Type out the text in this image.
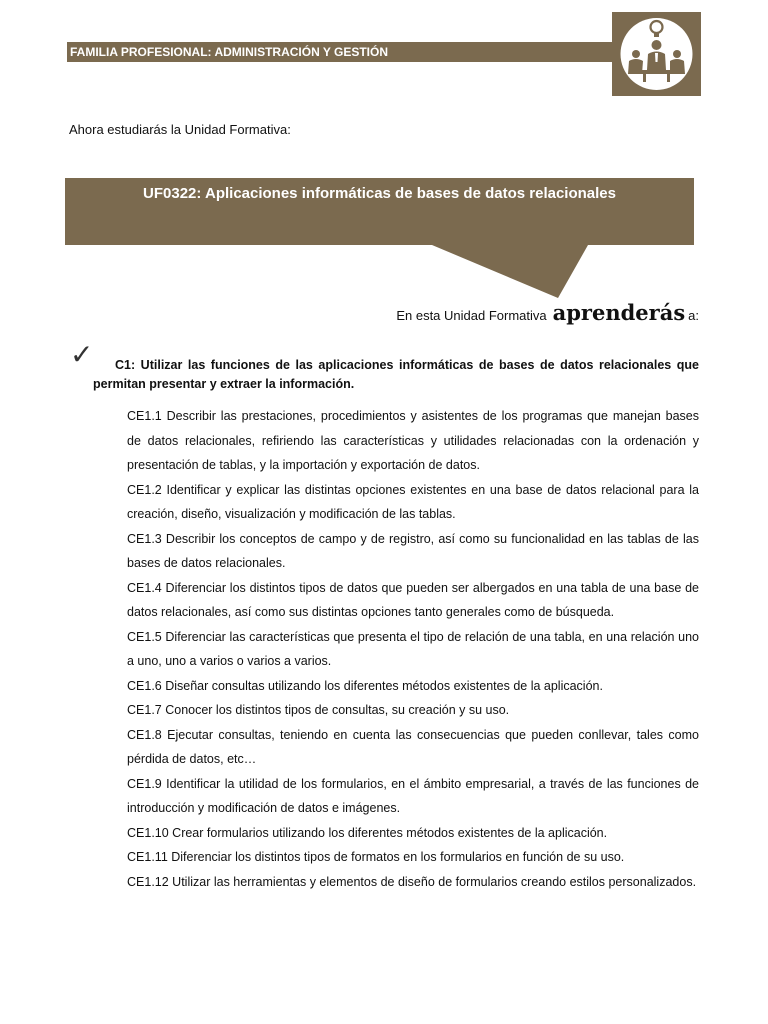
FAMILIA PROFESIONAL: ADMINISTRACIÓN Y GESTIÓN
Ahora estudiarás la Unidad Formativa:
UF0322: Aplicaciones informáticas de bases de datos relacionales
En esta Unidad Formativa aprenderás a:
✓	C1: Utilizar las funciones de las aplicaciones informáticas de bases de datos relacionales que permitan presentar y extraer la información.
CE1.1 Describir las prestaciones, procedimientos y asistentes de los programas que manejan bases de datos relacionales, refiriendo las características y utilidades relacionadas con la ordenación y presentación de tablas, y la importación y exportación de datos.
CE1.2 Identificar y explicar las distintas opciones existentes en una base de datos relacional para la creación, diseño, visualización y modificación de las tablas.
CE1.3 Describir los conceptos de campo y de registro, así como su funcionalidad en las tablas de las bases de datos relacionales.
CE1.4 Diferenciar los distintos tipos de datos que pueden ser albergados en una tabla de una base de datos relacionales, así como sus distintas opciones tanto generales como de búsqueda.
CE1.5 Diferenciar las características que presenta el tipo de relación de una tabla, en una relación uno a uno, uno a varios o varios a varios.
CE1.6 Diseñar consultas utilizando los diferentes métodos existentes de la aplicación.
CE1.7 Conocer los distintos tipos de consultas, su creación y su uso.
CE1.8 Ejecutar consultas, teniendo en cuenta las consecuencias que pueden conllevar, tales como pérdida de datos, etc…
CE1.9 Identificar la utilidad de los formularios, en el ámbito empresarial, a través de las funciones de introducción y modificación de datos e imágenes.
CE1.10 Crear formularios utilizando los diferentes métodos existentes de la aplicación.
CE1.11 Diferenciar los distintos tipos de formatos en los formularios en función de su uso.
CE1.12 Utilizar las herramientas y elementos de diseño de formularios creando estilos personalizados.
